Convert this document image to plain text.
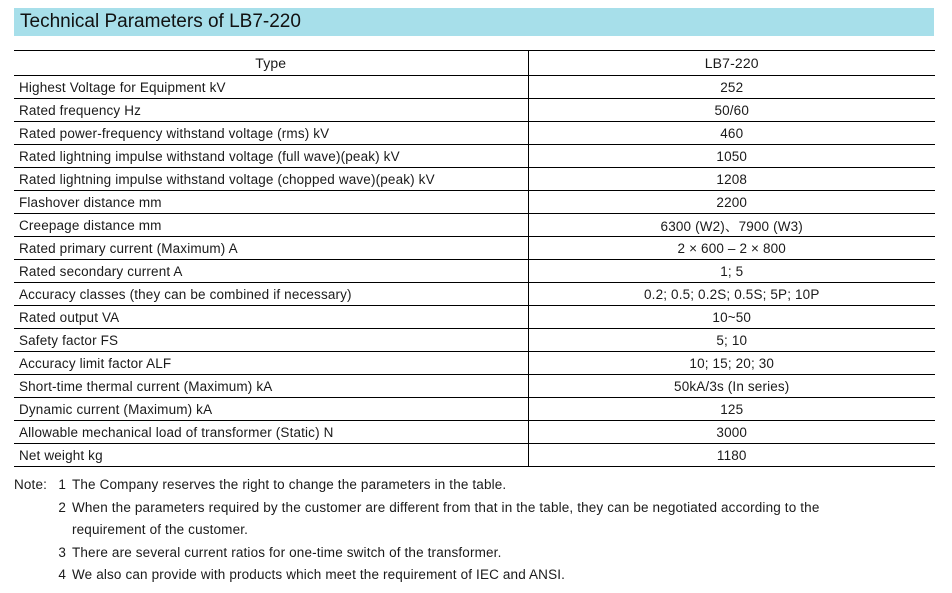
Technical Parameters of LB7-220
Type	LB7-220
Highest Voltage for Equipment kV	252
Rated frequency Hz	50/60
Rated power-frequency withstand voltage (rms) kV	460
Rated lightning impulse withstand voltage (full wave)(peak) kV	1050
Rated lightning impulse withstand voltage (chopped wave)(peak) kV	1208
Flashover distance mm	2200
Creepage distance mm	6300 (W2)、7900 (W3)
Rated primary current (Maximum) A	2 × 600 – 2 × 800
Rated secondary current A	1; 5
Accuracy classes (they can be combined if necessary)	0.2; 0.5; 0.2S; 0.5S; 5P; 10P
Rated output VA	10~50
Safety factor FS	5; 10
Accuracy limit factor ALF	10; 15; 20; 30
Short-time thermal current (Maximum) kA	50kA/3s (In series)
Dynamic current (Maximum) kA	125
Allowable mechanical load of transformer (Static) N	3000
Net weight kg	1180
Note: 1 The Company reserves the right to change the parameters in the table.
2 When the parameters required by the customer are different from that in the table, they can be negotiated according to the
requirement of the customer.
3 There are several current ratios for one-time switch of the transformer.
4 We also can provide with products which meet the requirement of IEC and ANSI.
